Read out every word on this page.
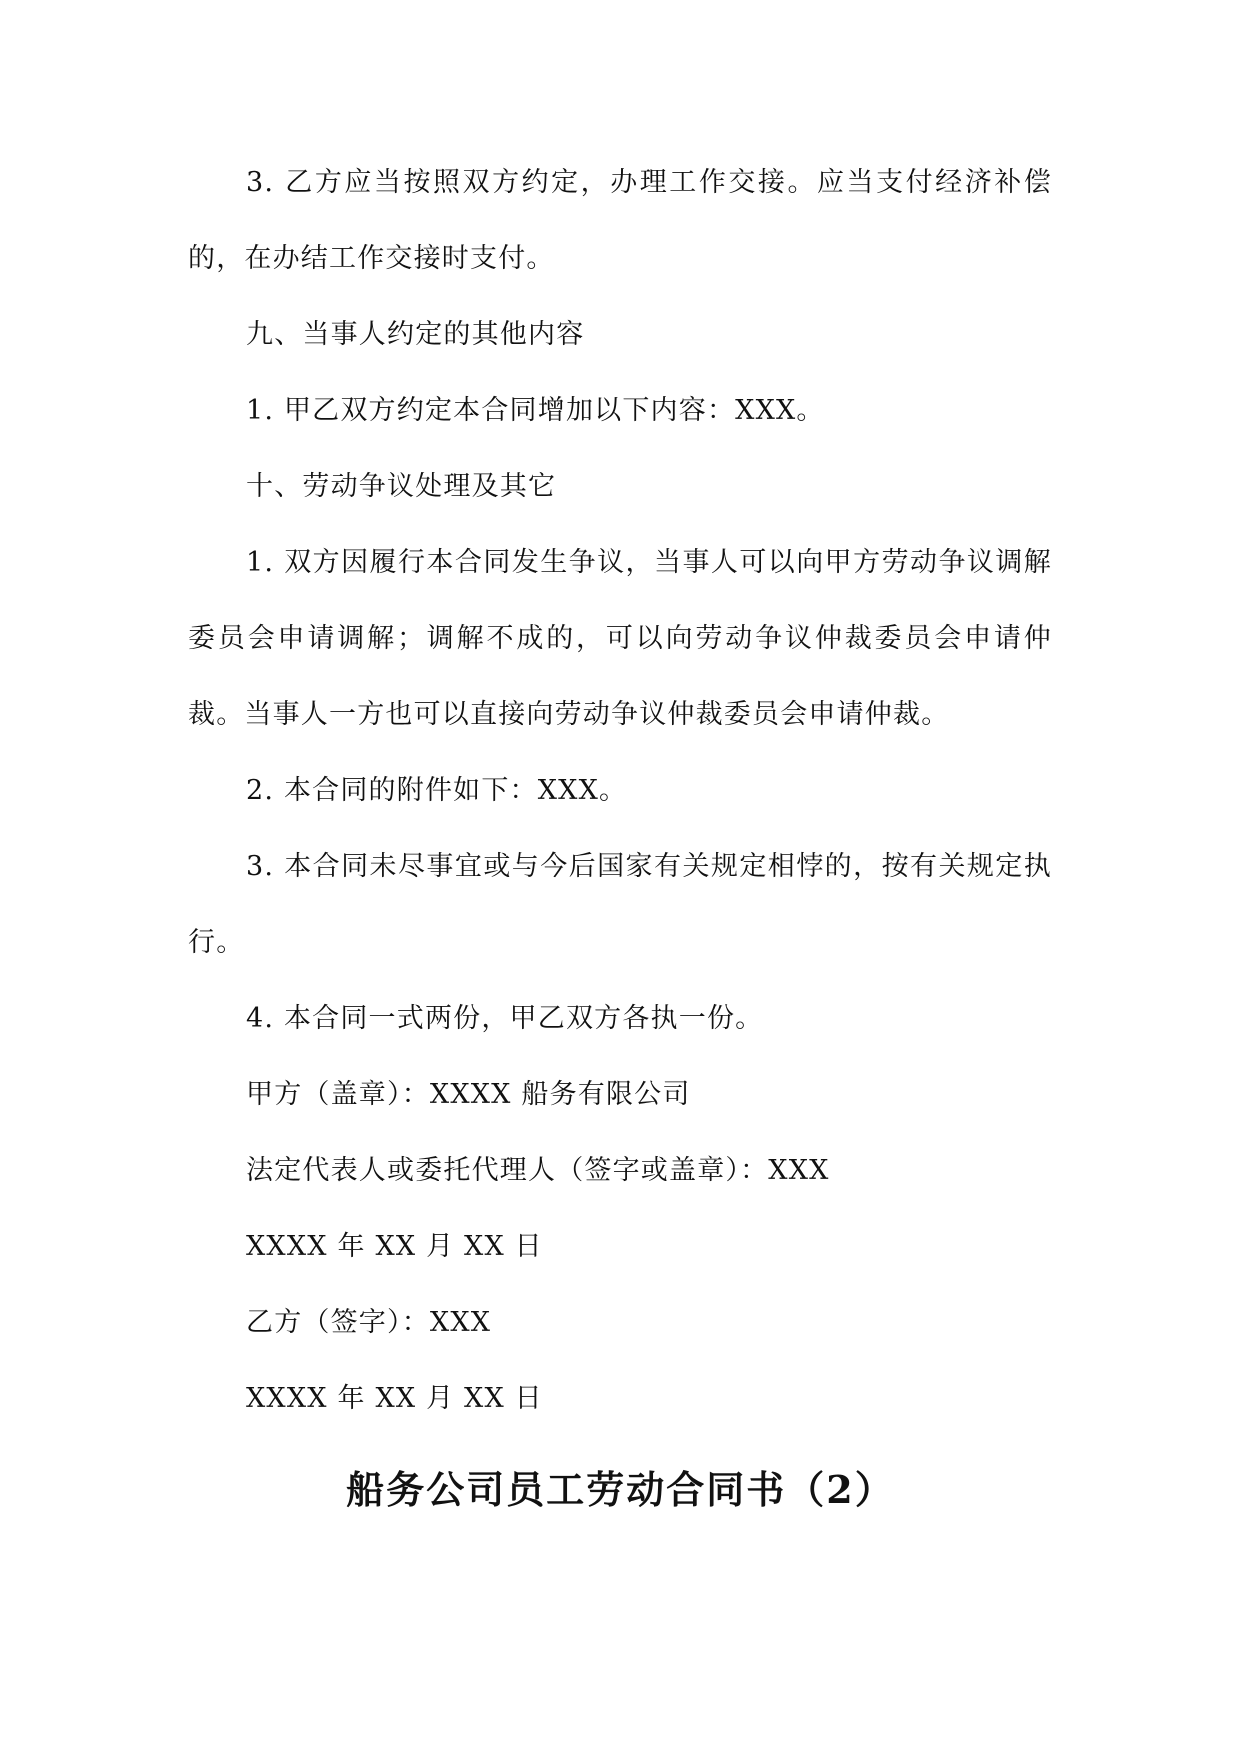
3. 乙方应当按照双方约定，办理工作交接。应当支付经济补偿的，在办结工作交接时支付。

九、当事人约定的其他内容

1. 甲乙双方约定本合同增加以下内容：XXX。

十、劳动争议处理及其它

1. 双方因履行本合同发生争议，当事人可以向甲方劳动争议调解委员会申请调解；调解不成的，可以向劳动争议仲裁委员会申请仲裁。当事人一方也可以直接向劳动争议仲裁委员会申请仲裁。

2. 本合同的附件如下：XXX。

3. 本合同未尽事宜或与今后国家有关规定相悖的，按有关规定执行。

4. 本合同一式两份，甲乙双方各执一份。

甲方（盖章）：XXXX 船务有限公司

法定代表人或委托代理人（签字或盖章）：XXX

XXXX 年 XX 月 XX 日

乙方（签字）：XXX

XXXX 年 XX 月 XX 日

船务公司员工劳动合同书（2）
